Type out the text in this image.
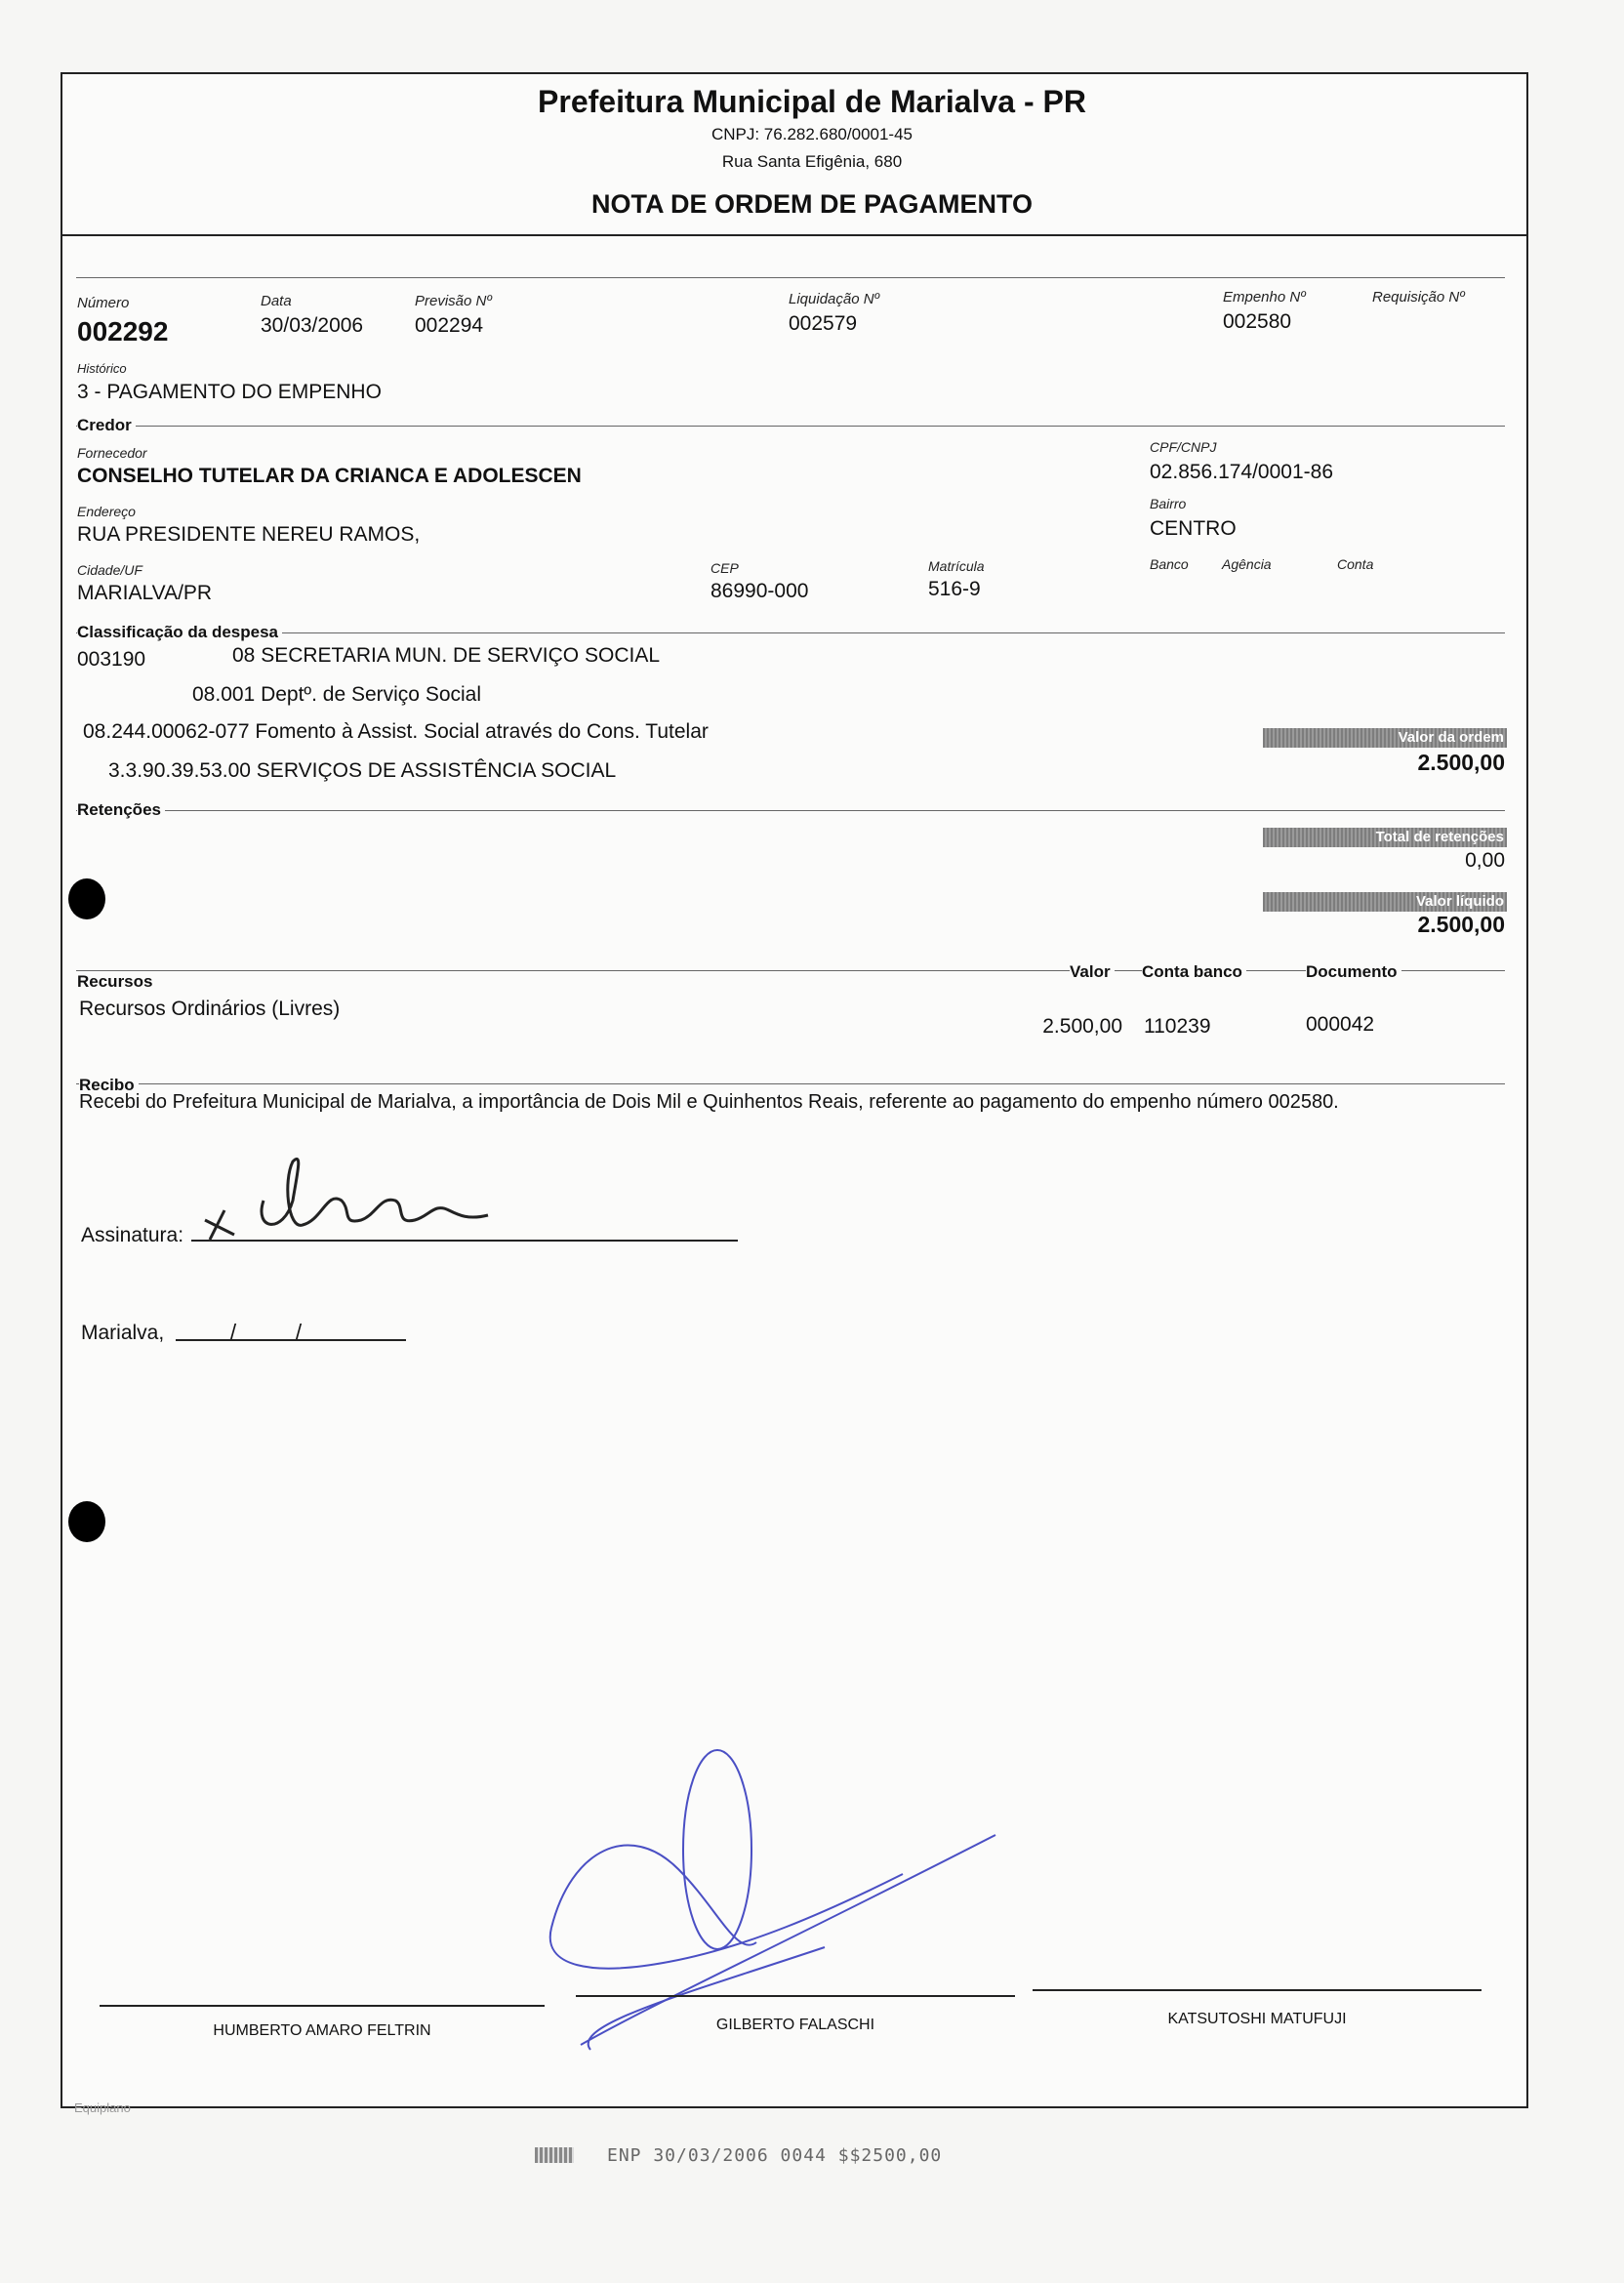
Prefeitura Municipal de Marialva - PR
CNPJ: 76.282.680/0001-45
Rua Santa Efigênia, 680
NOTA DE ORDEM DE PAGAMENTO
Número
002292
Data
30/03/2006
Previsão Nº
002294
Liquidação Nº
002579
Empenho Nº
002580
Requisição Nº
Histórico
3 - PAGAMENTO DO EMPENHO
Credor
Fornecedor
CONSELHO TUTELAR DA CRIANCA E ADOLESCEN
CPF/CNPJ
02.856.174/0001-86
Endereço
RUA PRESIDENTE NEREU RAMOS,
Bairro
CENTRO
Cidade/UF
MARIALVA/PR
CEP
86990-000
Matrícula
516-9
Banco Agência	Conta
Classificação da despesa
003190	08 SECRETARIA MUN. DE SERVIÇO SOCIAL
08.001 Deptº. de Serviço Social
08.244.00062-077 Fomento à Assist. Social através do Cons. Tutelar
3.3.90.39.53.00 SERVIÇOS DE ASSISTÊNCIA SOCIAL
Valor da ordem
2.500,00
Retenções
Total de retenções
0,00
Valor líquido
2.500,00
Recursos
Valor Conta banco	Documento
Recursos Ordinários (Livres)
2.500,00 110239	000042
Recibo
Recebi do Prefeitura Municipal de Marialva, a importância de Dois Mil e Quinhentos Reais, referente ao pagamento do empenho número 002580.
Assinatura:
Marialva,	/	/
HUMBERTO AMARO FELTRIN	GILBERTO FALASCHI	KATSUTOSHI MATUFUJI
Equiplano
ENP 30/03/2006 0044 $$2500,00
